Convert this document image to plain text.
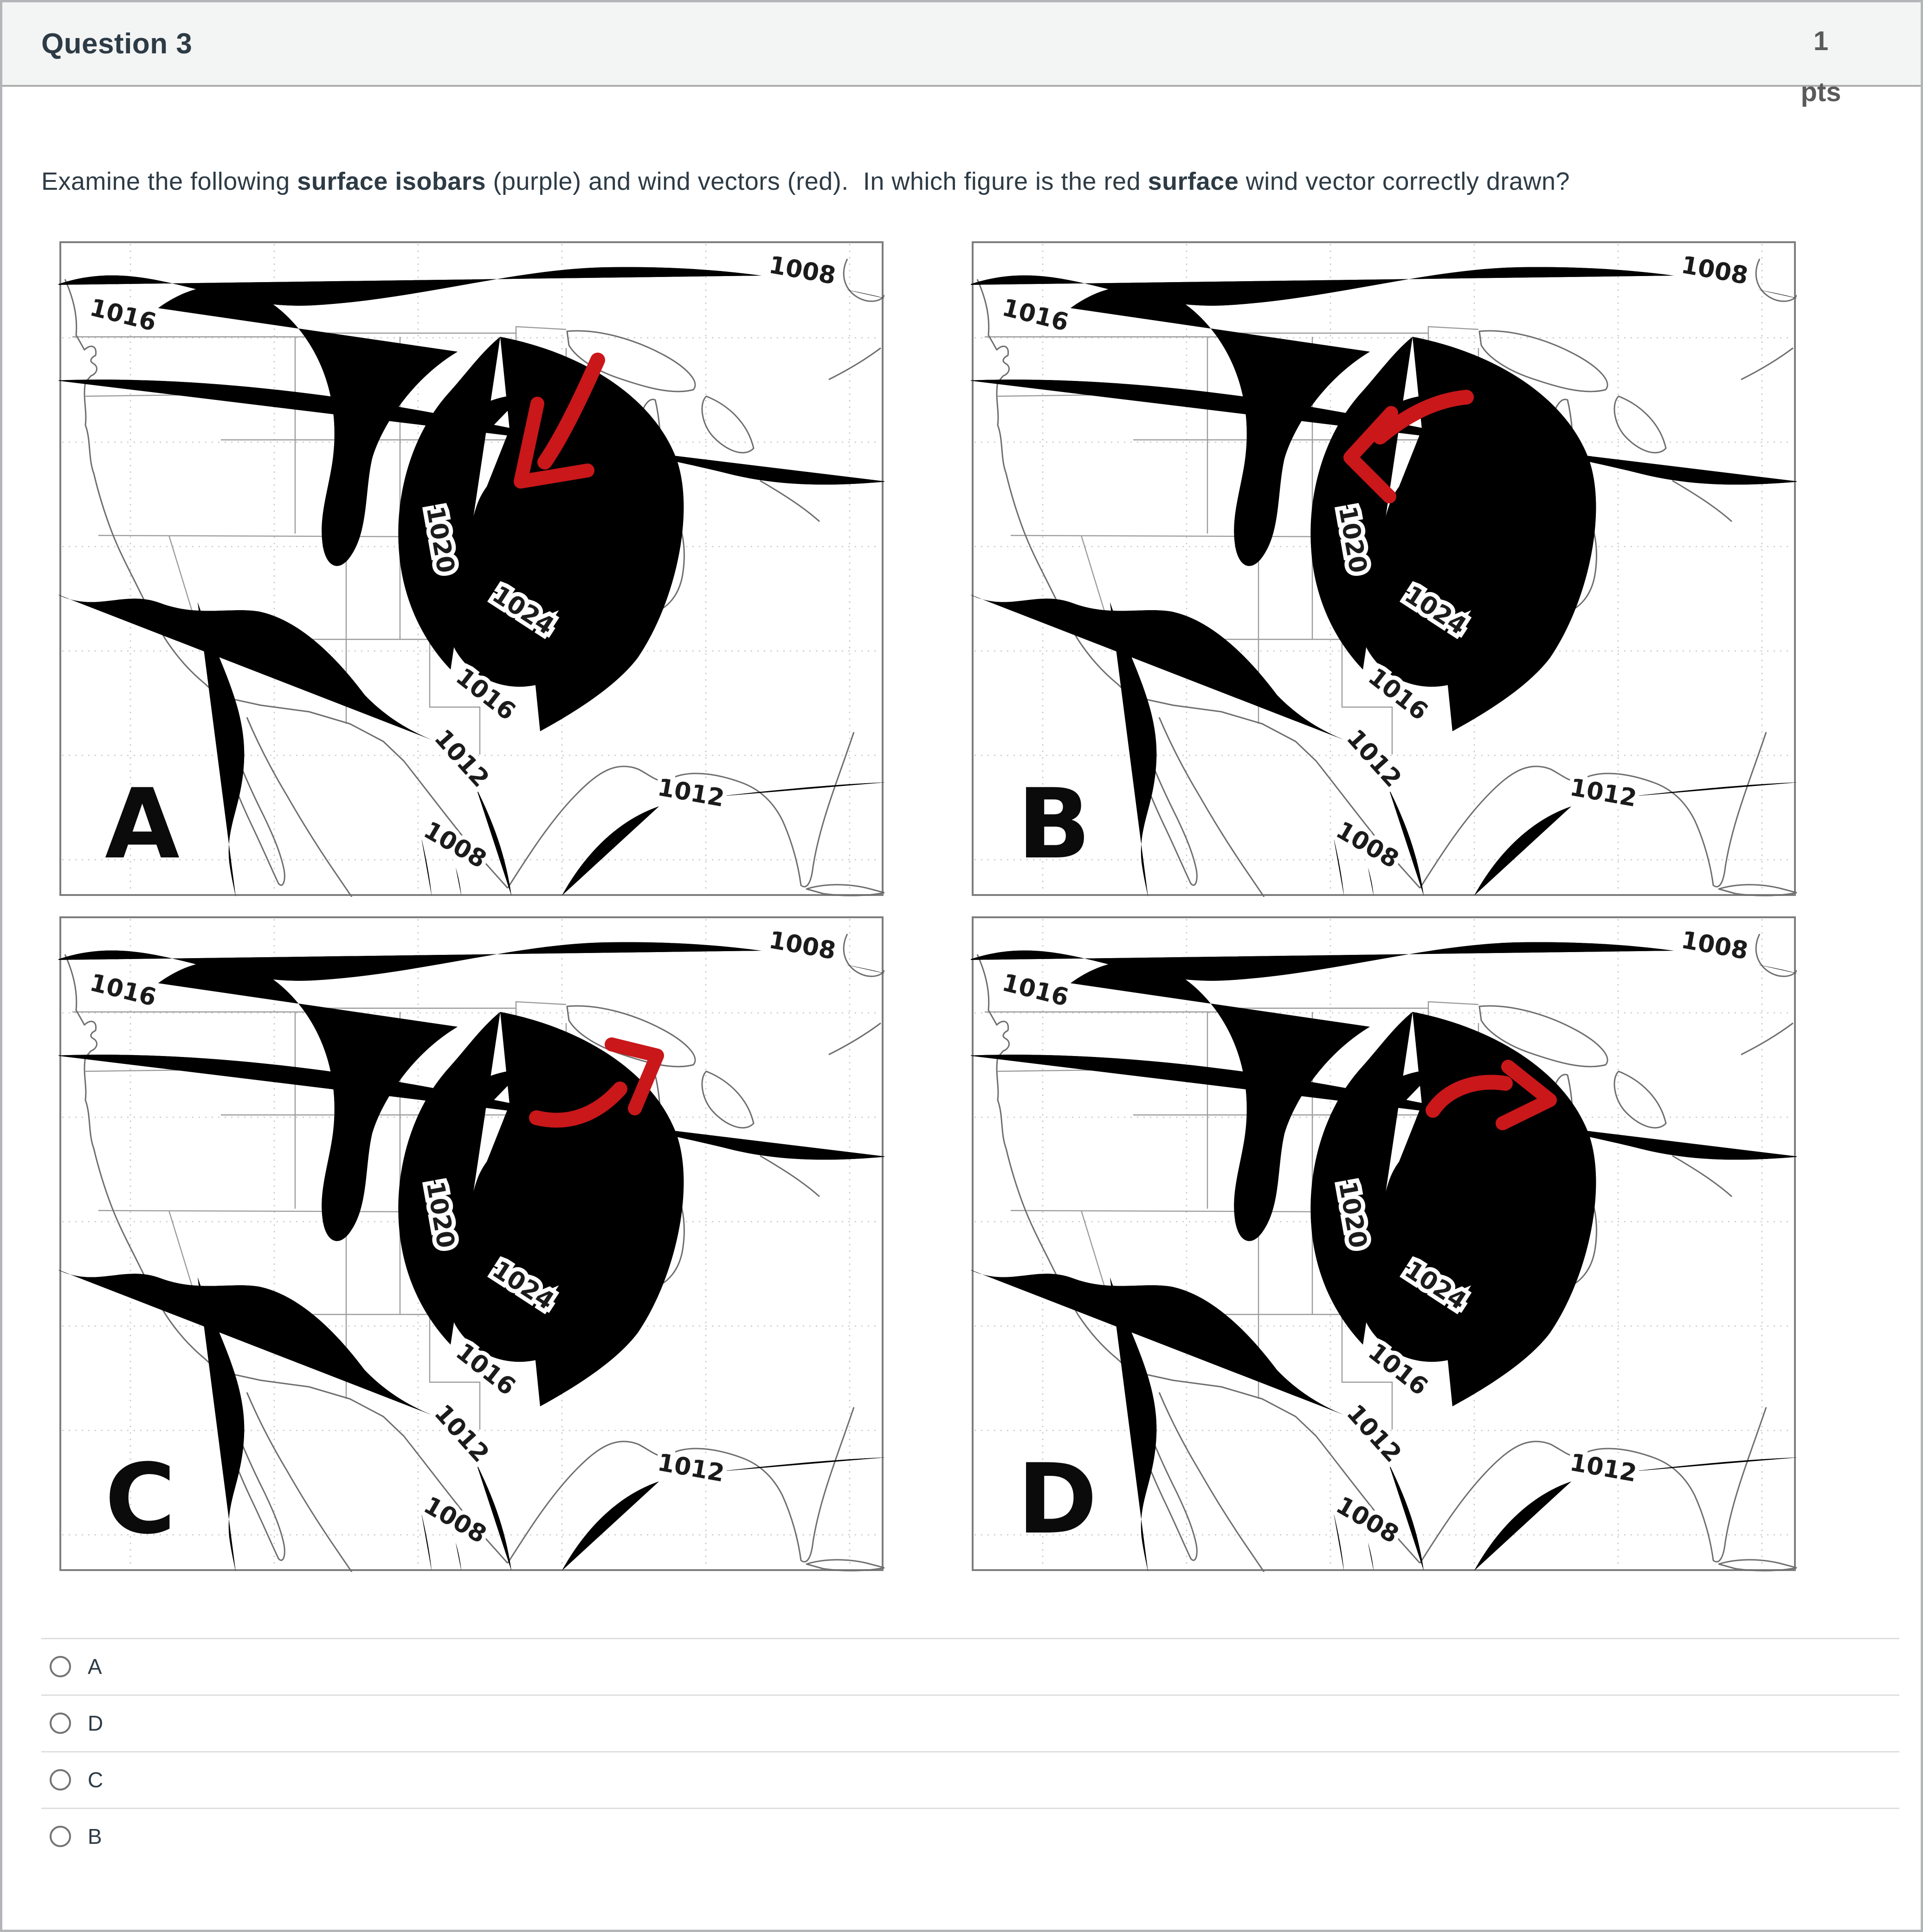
Question 3	1
pts
Examine the following surface isobars (purple) and wind vectors (red).  In which figure is the red surface wind vector correctly drawn?
A	B
C	D
A
D
C
B
